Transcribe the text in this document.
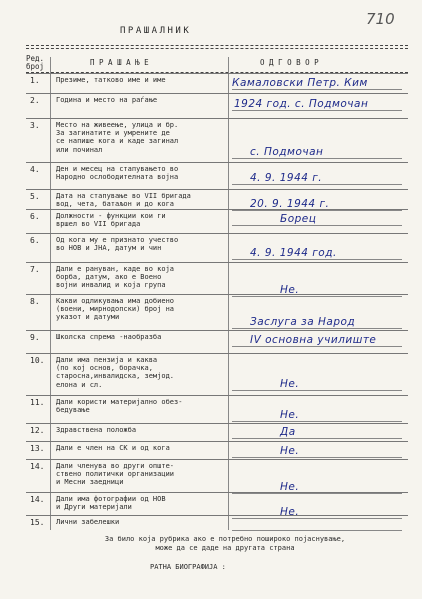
710
ПРАШАЛНИК
Ред.
број	П Р А Ш А Њ Е	О Д Г О В О Р
1. Презиме, татково име и име	Камаловски Петр. Ким
2. Година и место на раѓање	1924 год. с. Подмочан
3. Место на живеење, улица и бр.
За загинатите и умрените де
се напише кога и каде загинал
или починал	с. Подмочан
4. Ден и месец на стапувањето во
Народно ослободителната војна	4. 9. 1944 г.
5. Дата на стапување во VII бригада
вод, чета, батаљон и до кога	20. 9. 1944 г.
6. Должности - функции кои ги
вршел во VII бригада	Борец
6. Од кога му е признато учество
во НОВ и ЈНА, датум и чин	4. 9. 1944 год.
7. Дали е рануван, каде во која
борба, датум, ако е Воено
војни инвалид и која група	Не.
8. Какви одликувања има добиено
(воени, мирнодопски) број на
указот и датуми	Заслуга за Народ
9. Школска спрема -наобразба	IV основна училиште
10. Дали има пензија и каква
(по кој основ, борачка,
старосна,инвалидска, земјод.
елона и сл.	Не.
11. Дали користи материјално обез-
бедување	Не.
12. Здравствена положба	Да
13. Дали е член на СК и од кога	Не.
14. Дали членува во други опште-
ствено политички организации
и Месни заедници	Не.
14. Дали има фотографии од НОВ
и Други материјали	Не.
15. Лични забелешки
За било која рубрика ако е потребно поширoко појаснување,
може да се даде на другата страна
РАТНА БИОГРАФИЈА :
